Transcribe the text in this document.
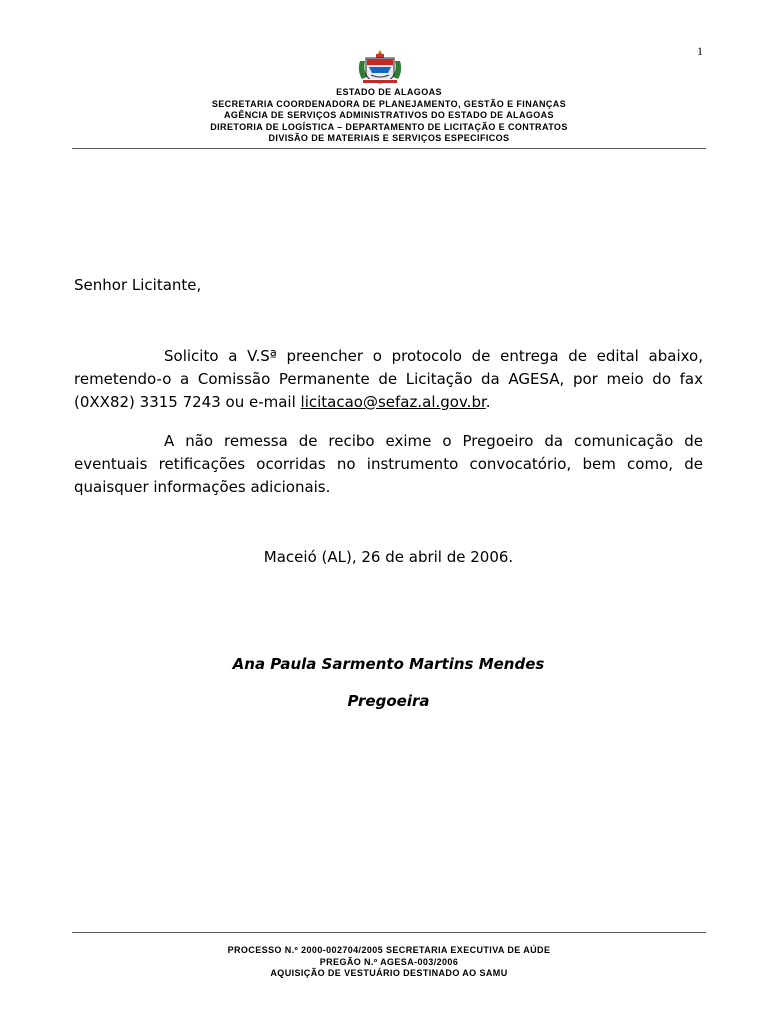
1
ESTADO DE ALAGOAS
SECRETARIA COORDENADORA DE PLANEJAMENTO, GESTÃO E FINANÇAS
AGÊNCIA DE SERVIÇOS ADMINISTRATIVOS DO ESTADO DE ALAGOAS
DIRETORIA DE LOGÍSTICA – DEPARTAMENTO DE LICITAÇÃO E CONTRATOS
DIVISÃO DE MATERIAIS E SERVIÇOS ESPECIFICOS
Senhor Licitante,

Solicito a V.Sª preencher o protocolo de entrega de edital abaixo, remetendo-o a Comissão Permanente de Licitação da AGESA, por meio do fax (0XX82) 3315 7243 ou e-mail licitacao@sefaz.al.gov.br.

A não remessa de recibo exime o Pregoeiro da comunicação de eventuais retificações ocorridas no instrumento convocatório, bem como, de quaisquer informações adicionais.

Maceió (AL), 26 de abril de 2006.
Ana Paula Sarmento Martins Mendes
Pregoeira
PROCESSO N.º 2000-002704/2005 SECRETARIA EXECUTIVA DE AÚDE
PREGÃO N.º AGESA-003/2006
AQUISIÇÃO DE VESTUÁRIO DESTINADO AO SAMU
